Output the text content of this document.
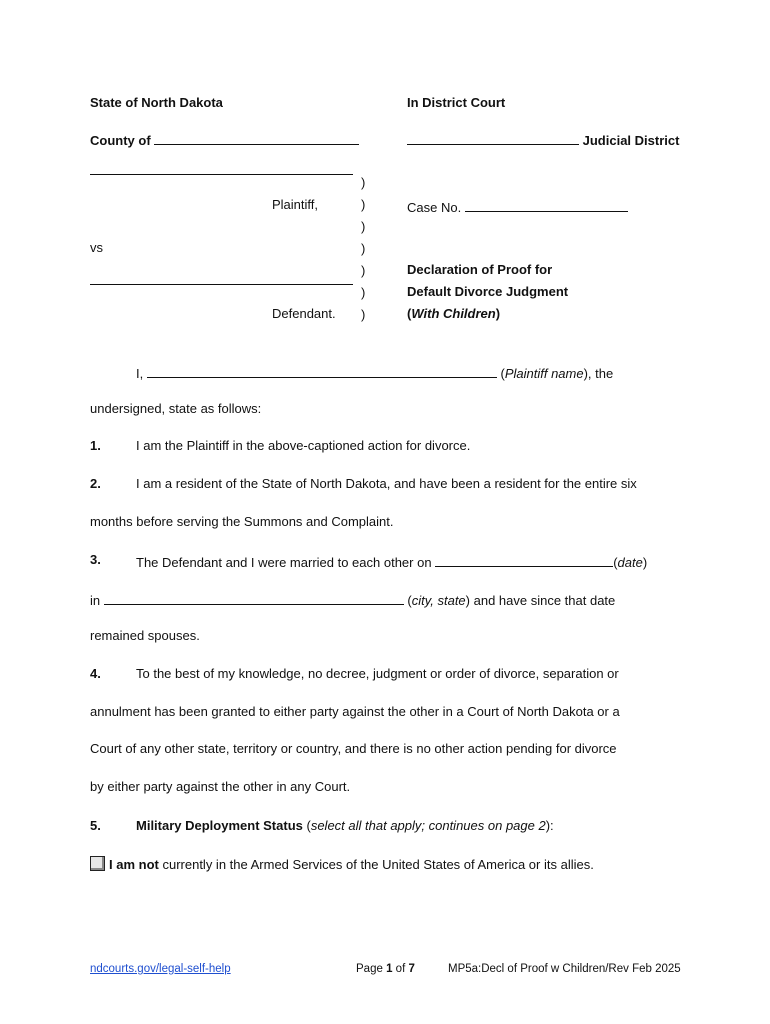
State of North Dakota	In District Court
County of	Judicial District
Plaintiff,
vs
Defendant.
)
)
)
)
)
)
)
Case No.
Declaration of Proof for
Default Divorce Judgment
(With Children)
I,	(Plaintiff name), the
undersigned, state as follows:
1.	I am the Plaintiff in the above-captioned action for divorce.
2.	I am a resident of the State of North Dakota, and have been a resident for the entire six
months before serving the Summons and Complaint.
3.	The Defendant and I were married to each other on	(date)
in	(city, state) and have since that date
remained spouses.
4.	To the best of my knowledge, no decree, judgment or order of divorce, separation or
annulment has been granted to either party against the other in a Court of North Dakota or a
Court of any other state, territory or country, and there is no other action pending for divorce
by either party against the other in any Court.
5.	Military Deployment Status (select all that apply; continues on page 2):
I am not currently in the Armed Services of the United States of America or its allies.
ndcourts.gov/legal-self-help	Page 1 of 7	MP5a:Decl of Proof w Children/Rev Feb 2025
